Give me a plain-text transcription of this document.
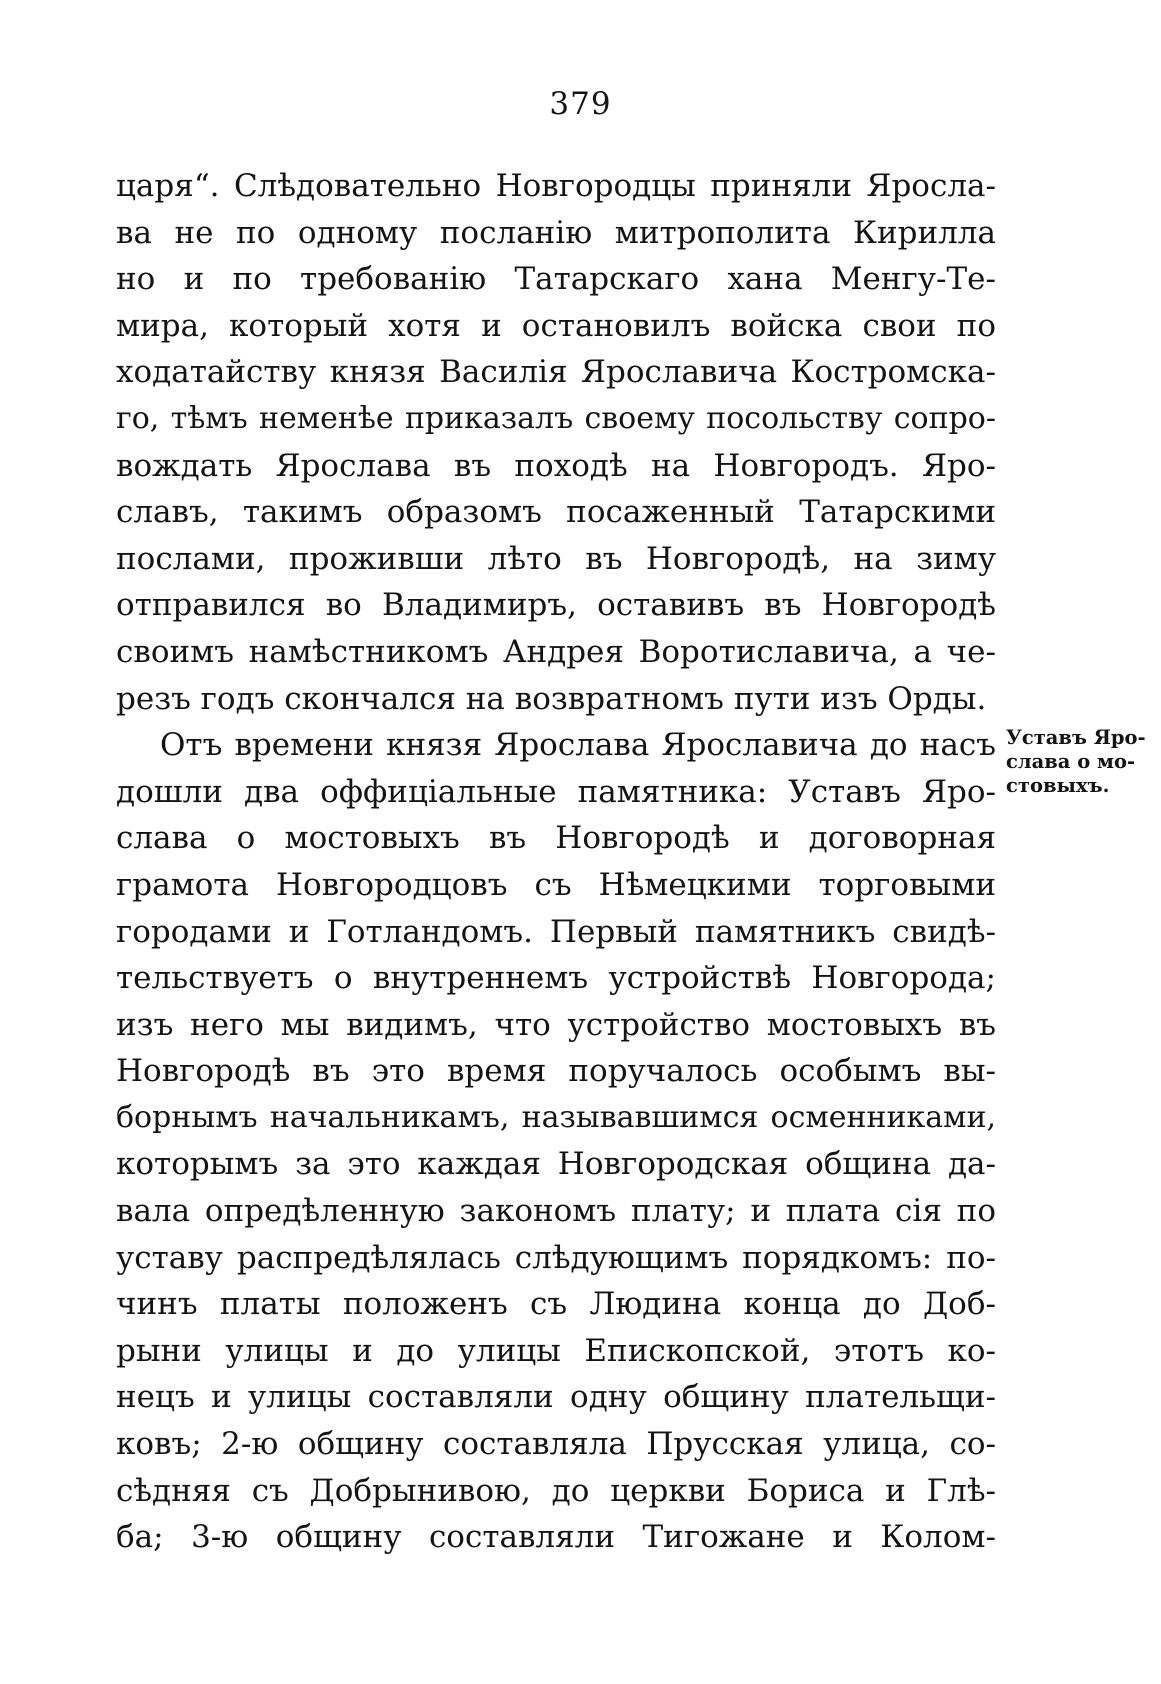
379
царя“. Слѣдовательно Новгородцы приняли Яросла-
ва не по одному посланію митрополита Кирилла
но и по требованію Татарскаго хана Менгу-Те-
мира, который хотя и остановилъ войска свои по
ходатайству князя Василія Ярославича Костромска-
го, тѣмъ неменѣе приказалъ своему посольству сопро-
вождать Ярослава въ походѣ на Новгородъ. Яро-
славъ, такимъ образомъ посаженный Татарскими
послами, проживши лѣто въ Новгородѣ, на зиму
отправился во Владимиръ, оставивъ въ Новгородѣ
своимъ намѣстникомъ Андрея Воротиславича, а че-
резъ годъ скончался на возвратномъ пути изъ Орды.
Отъ времени князя Ярослава Ярославича до насъ
дошли два оффиціальные памятника: Уставъ Яро-
слава о мостовыхъ въ Новгородѣ и договорная
грамота Новгородцовъ съ Нѣмецкими торговыми
городами и Готландомъ. Первый памятникъ свидѣ-
тельствуетъ о внутреннемъ устройствѣ Новгорода;
изъ него мы видимъ, что устройство мостовыхъ въ
Новгородѣ въ это время поручалось особымъ вы-
борнымъ начальникамъ, называвшимся осменниками,
которымъ за это каждая Новгородская община да-
вала опредѣленную закономъ плату; и плата сія по
уставу распредѣлялась слѣдующимъ порядкомъ: по-
чинъ платы положенъ съ Людина конца до Доб-
рыни улицы и до улицы Епископской, этотъ ко-
нецъ и улицы составляли одну общину плательщи-
ковъ; 2-ю общину составляла Прусская улица, со-
сѣдняя съ Добрынивою, до церкви Бориса и Глѣ-
ба; 3-ю общину составляли Тигожане и Колом-
Уставъ Яро-
слава о мо-
стовыхъ.
